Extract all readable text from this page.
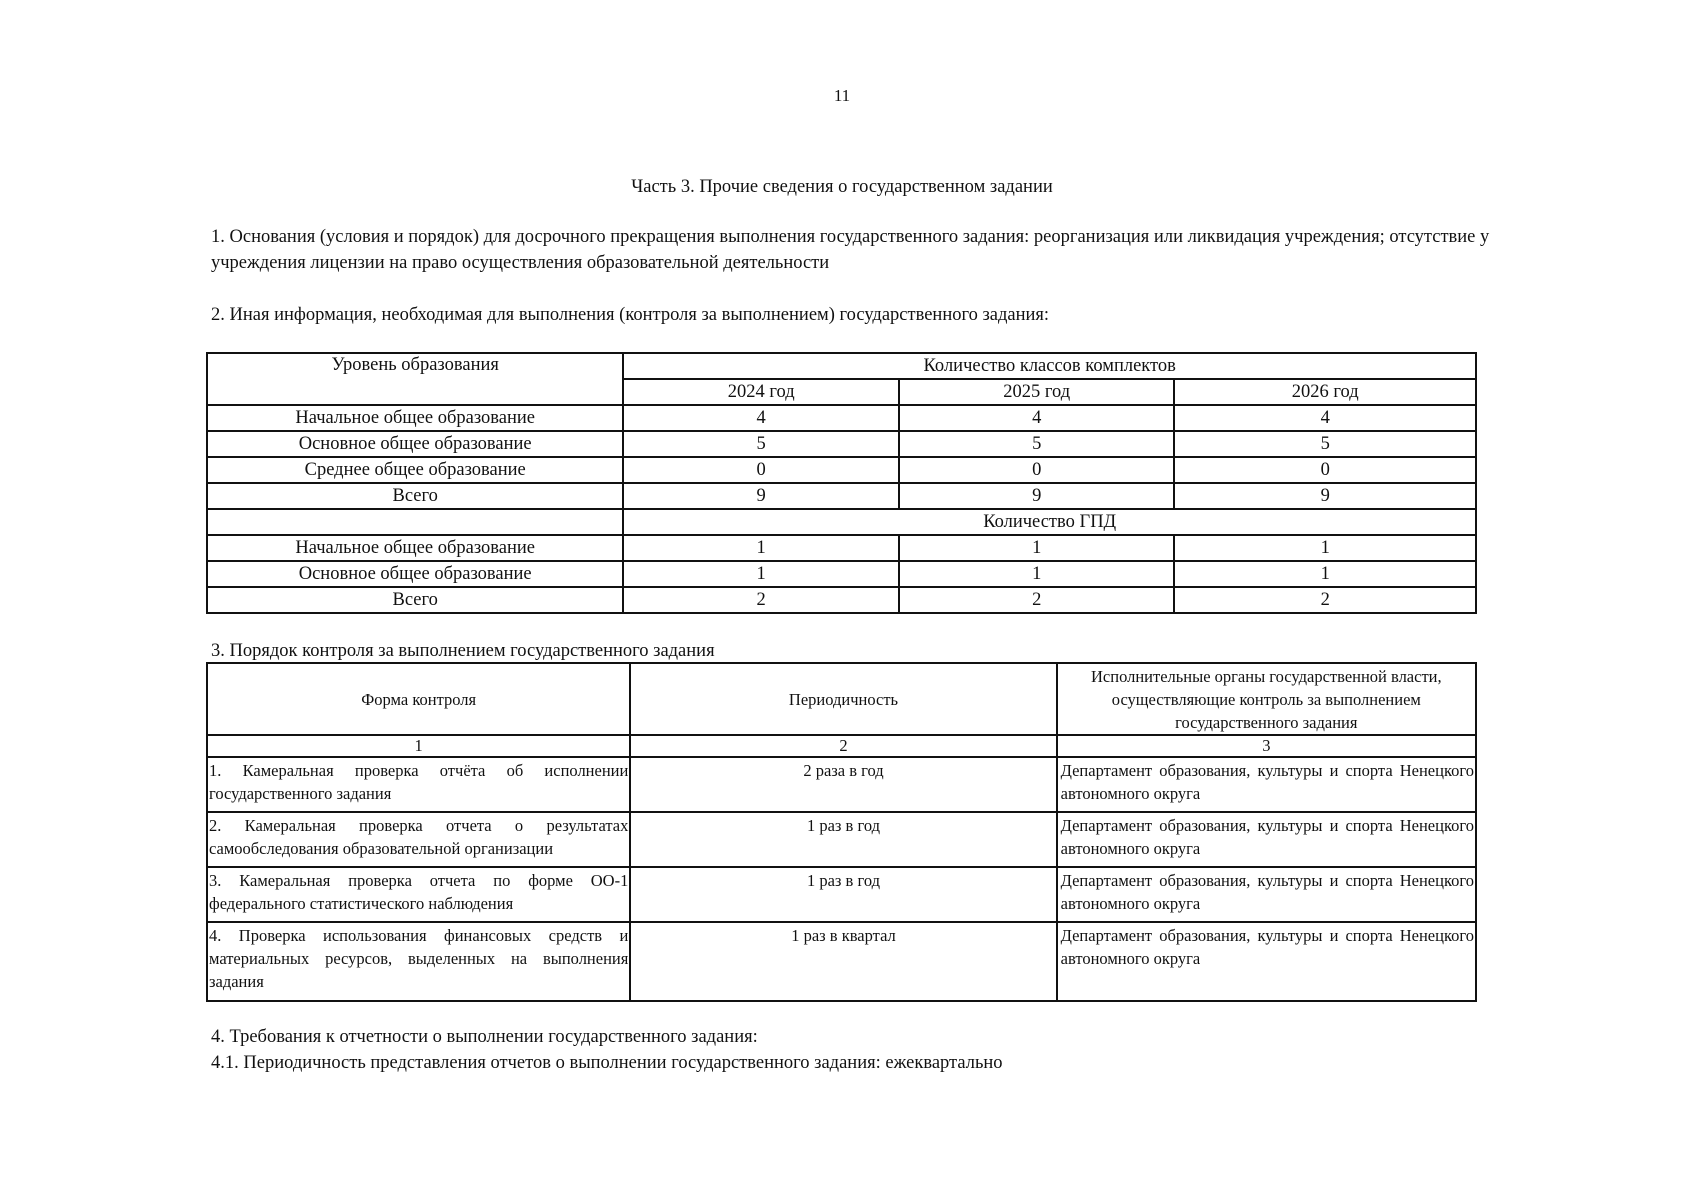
11
Часть 3. Прочие сведения о государственном задании
1. Основания (условия и порядок) для досрочного прекращения выполнения государственного задания: реорганизация или ликвидация учреждения; отсутствие у учреждения лицензии на право осуществления образовательной деятельности
2. Иная информация, необходимая для выполнения (контроля за выполнением) государственного задания:
Уровень образования	Количество классов комплектов		
	2024 год	2025 год	2026 год
Начальное общее образование	4	4	4
Основное общее образование	5	5	5
Среднее общее образование	0	0	0
Всего	9	9	9
	Количество ГПД		
Начальное общее образование	1	1	1
Основное общее образование	1	1	1
Всего	2	2	2
3. Порядок контроля за выполнением государственного задания
Форма контроля	Периодичность	Исполнительные органы государственной власти, осуществляющие контроль за выполнением государственного задания
1	2	3
1. Камеральная проверка отчёта об исполнении государственного задания	2 раза в год	Департамент образования, культуры и спорта Ненецкого автономного округа
2. Камеральная проверка отчета о результатах самообследования образовательной организации	1 раз в год	Департамент образования, культуры и спорта Ненецкого автономного округа
3. Камеральная проверка отчета по форме ОО-1 федерального статистического наблюдения	1 раз в год	Департамент образования, культуры и спорта Ненецкого автономного округа
4. Проверка использования финансовых средств и материальных ресурсов, выделенных на выполнения задания	1 раз в квартал	Департамент образования, культуры и спорта Ненецкого автономного округа
4. Требования к отчетности о выполнении государственного задания:
4.1. Периодичность представления отчетов о выполнении государственного задания: ежеквартально
